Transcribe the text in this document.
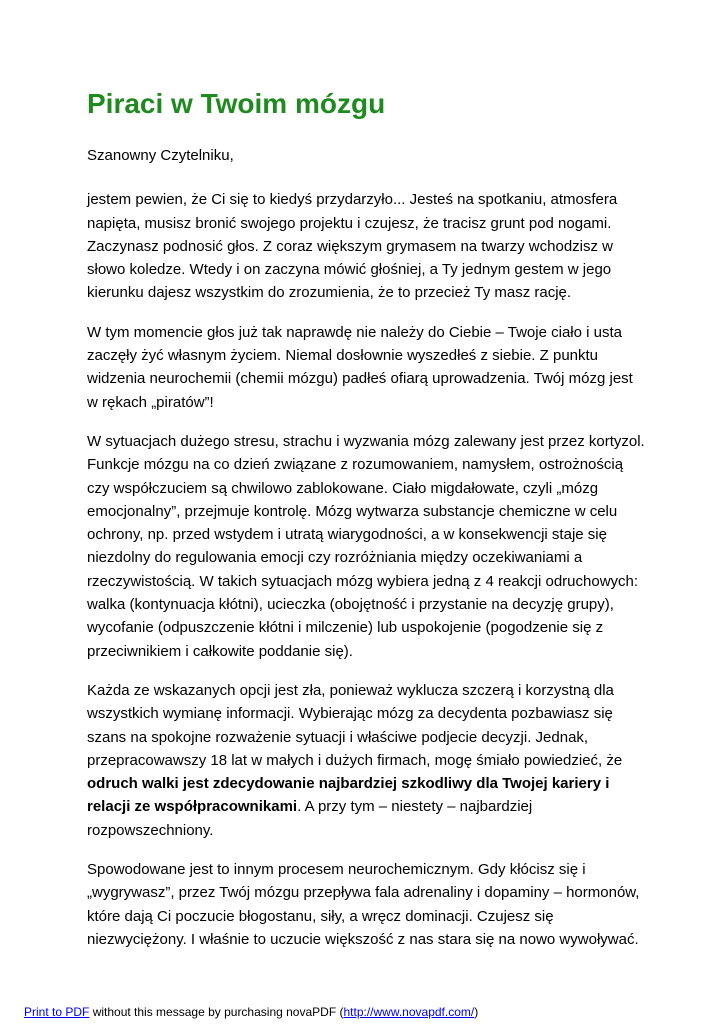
Piraci w Twoim mózgu

Szanowny Czytelniku,

jestem pewien, że Ci się to kiedyś przydarzyło... Jesteś na spotkaniu, atmosfera napięta, musisz bronić swojego projektu i czujesz, że tracisz grunt pod nogami. Zaczynasz podnosić głos. Z coraz większym grymasem na twarzy wchodzisz w słowo koledze. Wtedy i on zaczyna mówić głośniej, a Ty jednym gestem w jego kierunku dajesz wszystkim do zrozumienia, że to przecież Ty masz rację.

W tym momencie głos już tak naprawdę nie należy do Ciebie – Twoje ciało i usta zaczęły żyć własnym życiem. Niemal dosłownie wyszedłeś z siebie. Z punktu widzenia neurochemii (chemii mózgu) padłeś ofiarą uprowadzenia. Twój mózg jest w rękach „piratów”!

W sytuacjach dużego stresu, strachu i wyzwania mózg zalewany jest przez kortyzol. Funkcje mózgu na co dzień związane z rozumowaniem, namysłem, ostrożnością czy współczuciem są chwilowo zablokowane. Ciało migdałowate, czyli „mózg emocjonalny”, przejmuje kontrolę. Mózg wytwarza substancje chemiczne w celu ochrony, np. przed wstydem i utratą wiarygodności, a w konsekwencji staje się niezdolny do regulowania emocji czy rozróżniania między oczekiwaniami a rzeczywistością. W takich sytuacjach mózg wybiera jedną z 4 reakcji odruchowych: walka (kontynuacja kłótni), ucieczka (obojętność i przystanie na decyzję grupy), wycofanie (odpuszczenie kłótni i milczenie) lub uspokojenie (pogodzenie się z przeciwnikiem i całkowite poddanie się).

Każda ze wskazanych opcji jest zła, ponieważ wyklucza szczerą i korzystną dla wszystkich wymianę informacji. Wybierając mózg za decydenta pozbawiasz się szans na spokojne rozważenie sytuacji i właściwe podjecie decyzji. Jednak, przepracowawszy 18 lat w małych i dużych firmach, mogę śmiało powiedzieć, że odruch walki jest zdecydowanie najbardziej szkodliwy dla Twojej kariery i relacji ze współpracownikami. A przy tym – niestety – najbardziej rozpowszechniony.

Spowodowane jest to innym procesem neurochemicznym. Gdy kłócisz się i „wygrywasz”, przez Twój mózgu przepływa fala adrenaliny i dopaminy – hormonów, które dają Ci poczucie błogostanu, siły, a wręcz dominacji. Czujesz się niezwyciężony. I właśnie to uczucie większość z nas stara się na nowo wywoływać.

Print to PDF without this message by purchasing novaPDF (http://www.novapdf.com/)
